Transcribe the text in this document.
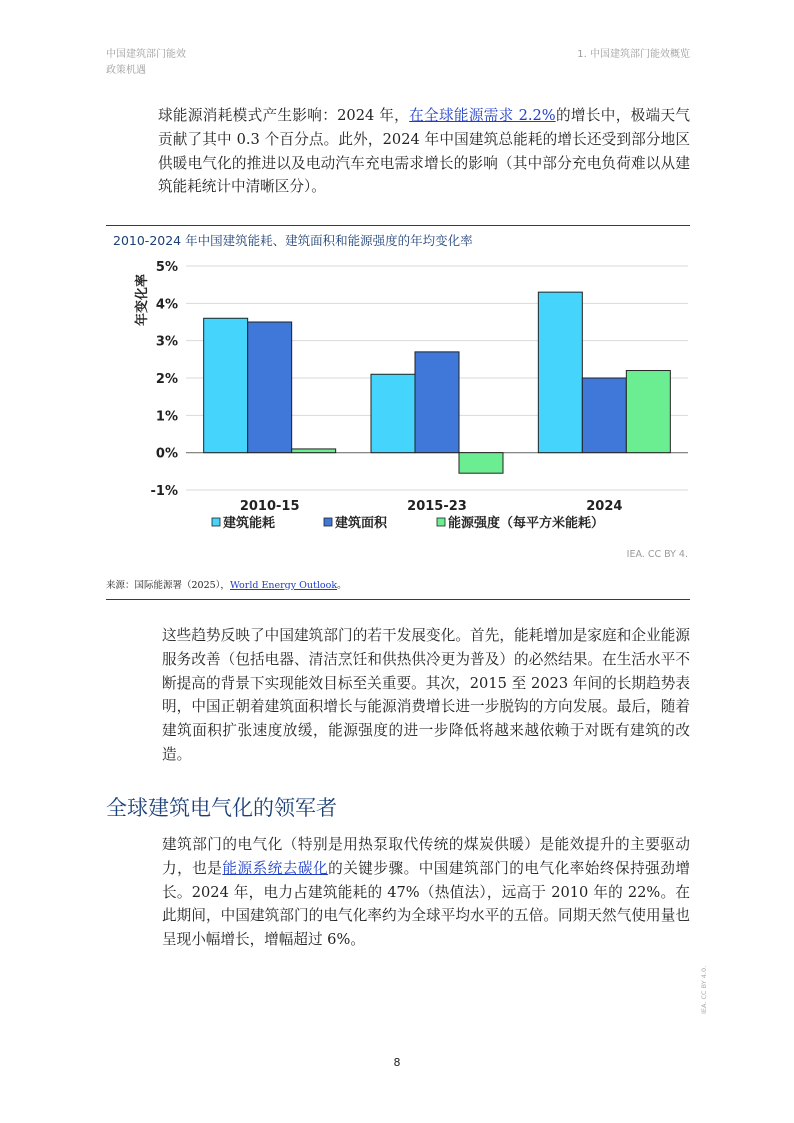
中国建筑部门能效
政策机遇
1. 中国建筑部门能效概览

球能源消耗模式产生影响：2024 年，在全球能源需求 2.2%的增长中，极端天气贡献了其中 0.3 个百分点。此外，2024 年中国建筑总能耗的增长还受到部分地区供暖电气化的推进以及电动汽车充电需求增长的影响（其中部分充电负荷难以从建筑能耗统计中清晰区分）。

2010-2024 年中国建筑能耗、建筑面积和能源强度的年均变化率
-1%
0%
1%
2%
3%
4%
5%
2010-15	2015-23	2024
年变化率
建筑能耗	建筑面积	能源强度（每平方米能耗）
IEA. CC BY 4.
来源：国际能源署（2025），World Energy Outlook。

这些趋势反映了中国建筑部门的若干发展变化。首先，能耗增加是家庭和企业能源服务改善（包括电器、清洁烹饪和供热供冷更为普及）的必然结果。在生活水平不断提高的背景下实现能效目标至关重要。其次，2015 至 2023 年间的长期趋势表明，中国正朝着建筑面积增长与能源消费增长进一步脱钩的方向发展。最后，随着建筑面积扩张速度放缓，能源强度的进一步降低将越来越依赖于对既有建筑的改造。

全球建筑电气化的领军者

建筑部门的电气化（特别是用热泵取代传统的煤炭供暖）是能效提升的主要驱动力，也是能源系统去碳化的关键步骤。中国建筑部门的电气化率始终保持强劲增长。2024 年，电力占建筑能耗的 47%（热值法），远高于 2010 年的 22%。在此期间，中国建筑部门的电气化率约为全球平均水平的五倍。同期天然气使用量也呈现小幅增长，增幅超过 6%。

8
IEA. CC BY 4.0.
